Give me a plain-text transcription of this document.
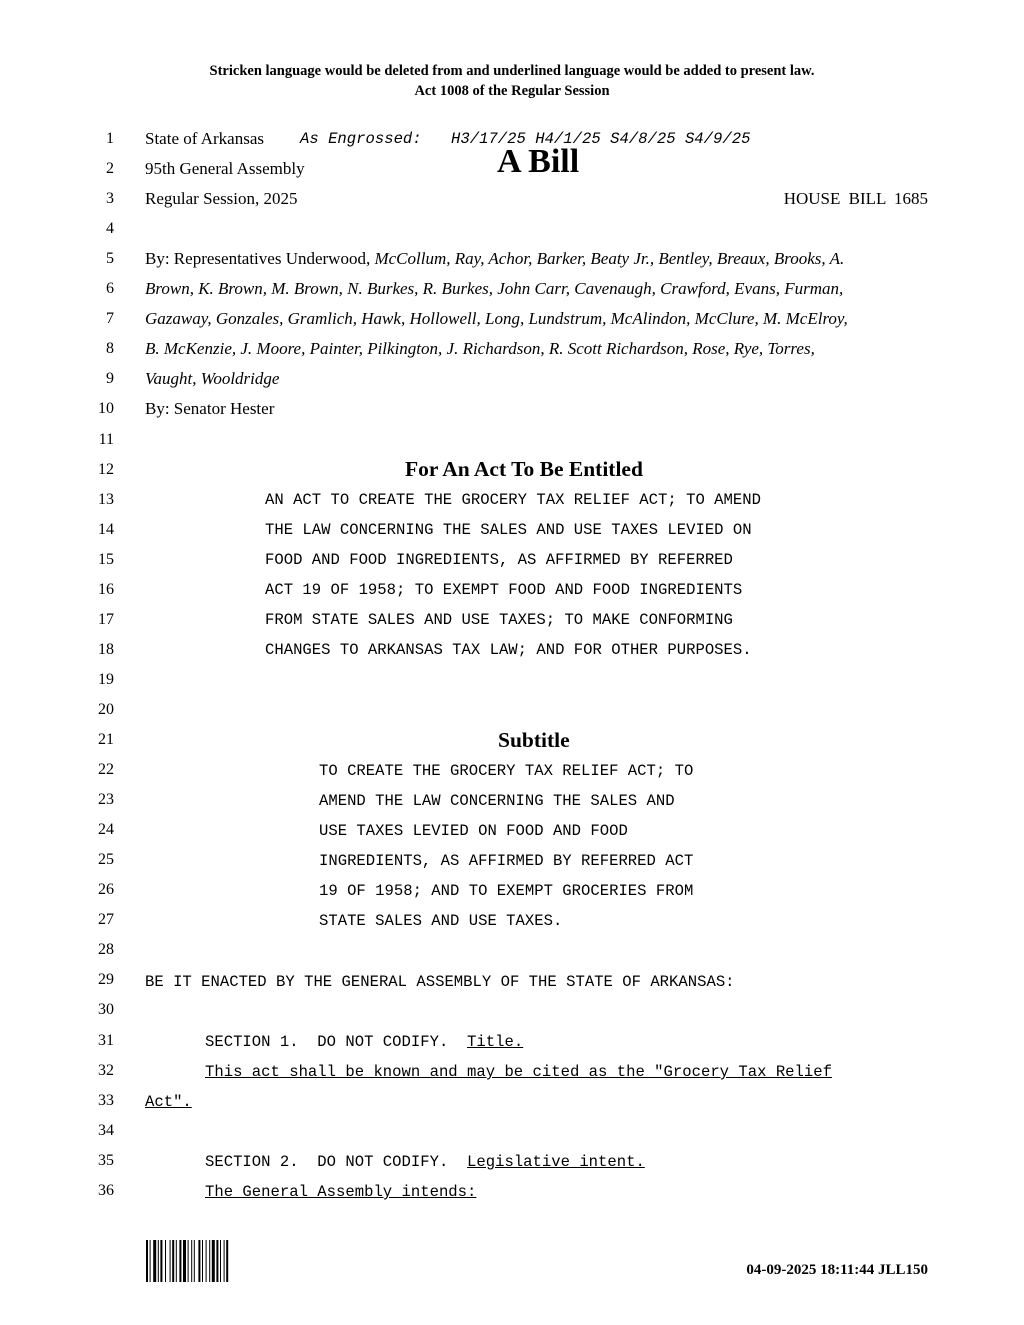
Stricken language would be deleted from and underlined language would be added to present law.
Act 1008 of the Regular Session
1
2
3
4
5
6
7
8
9
10
11
12
13
14
15
16
17
18
19
20
21
22
23
24
25
26
27
28
29
30
31
32
33
34
35
36
State of Arkansas As Engrossed: H3/17/25 H4/1/25 S4/8/25 S4/9/25
95th General Assembly	A Bill
Regular Session, 2025	HOUSE BILL 1685
By: Representatives Underwood, McCollum, Ray, Achor, Barker, Beaty Jr., Bentley, Breaux, Brooks, A.
Brown, K. Brown, M. Brown, N. Burkes, R. Burkes, John Carr, Cavenaugh, Crawford, Evans, Furman,
Gazaway, Gonzales, Gramlich, Hawk, Hollowell, Long, Lundstrum, McAlindon, McClure, M. McElroy,
B. McKenzie, J. Moore, Painter, Pilkington, J. Richardson, R. Scott Richardson, Rose, Rye, Torres,
Vaught, Wooldridge
By: Senator Hester
For An Act To Be Entitled
AN ACT TO CREATE THE GROCERY TAX RELIEF ACT; TO AMEND
THE LAW CONCERNING THE SALES AND USE TAXES LEVIED ON
FOOD AND FOOD INGREDIENTS, AS AFFIRMED BY REFERRED
ACT 19 OF 1958; TO EXEMPT FOOD AND FOOD INGREDIENTS
FROM STATE SALES AND USE TAXES; TO MAKE CONFORMING
CHANGES TO ARKANSAS TAX LAW; AND FOR OTHER PURPOSES.
Subtitle
TO CREATE THE GROCERY TAX RELIEF ACT; TO
AMEND THE LAW CONCERNING THE SALES AND
USE TAXES LEVIED ON FOOD AND FOOD
INGREDIENTS, AS AFFIRMED BY REFERRED ACT
19 OF 1958; AND TO EXEMPT GROCERIES FROM
STATE SALES AND USE TAXES.
BE IT ENACTED BY THE GENERAL ASSEMBLY OF THE STATE OF ARKANSAS:
SECTION 1.  DO NOT CODIFY.  Title.
This act shall be known and may be cited as the "Grocery Tax Relief
Act".
SECTION 2.  DO NOT CODIFY.  Legislative intent.
The General Assembly intends:
04-09-2025 18:11:44 JLL150
